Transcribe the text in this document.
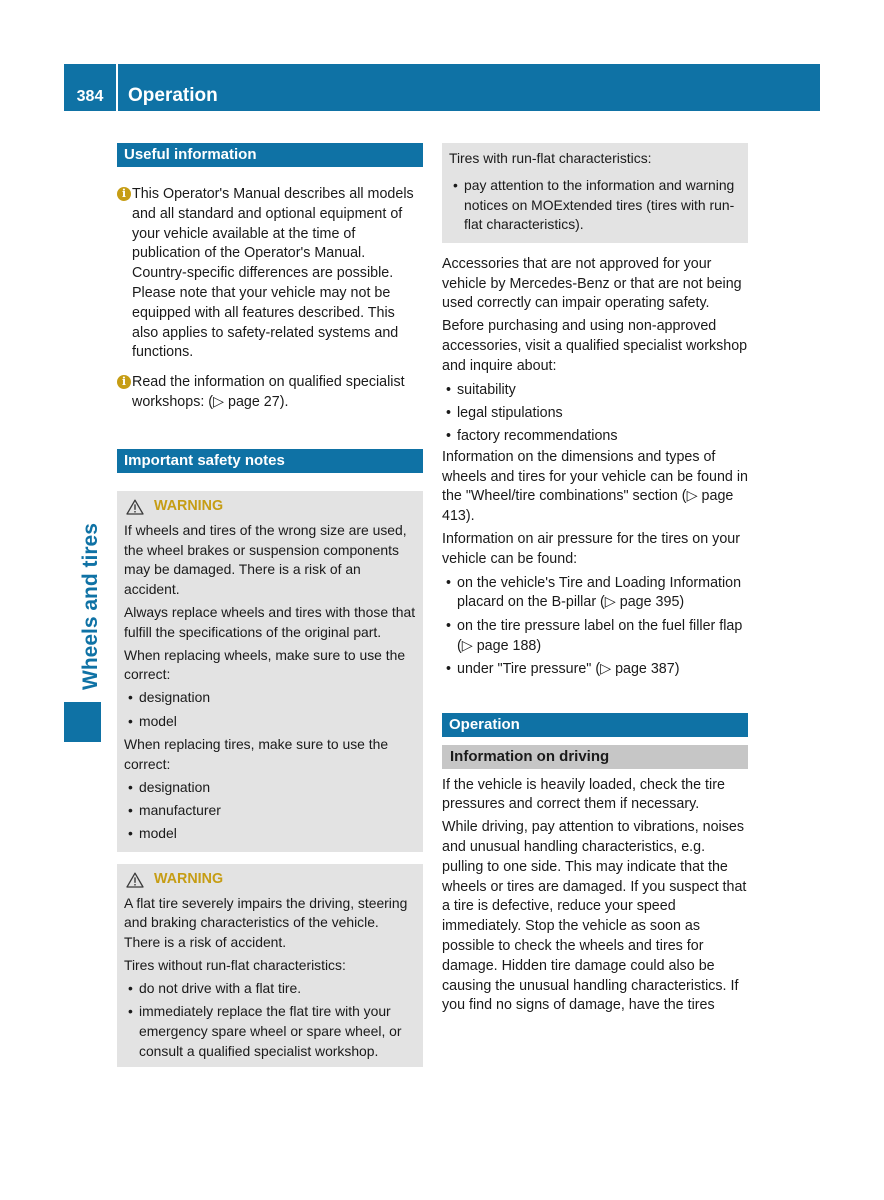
384	Operation
Wheels and tires
Useful information

i This Operator's Manual describes all models and all standard and optional equipment of your vehicle available at the time of publication of the Operator's Manual. Country-specific differences are possible. Please note that your vehicle may not be equipped with all features described. This also applies to safety-related systems and functions.

i Read the information on qualified specialist workshops: (▷ page 27).

Important safety notes
WARNING

If wheels and tires of the wrong size are used, the wheel brakes or suspension components may be damaged. There is a risk of an accident.

Always replace wheels and tires with those that fulfill the specifications of the original part.

When replacing wheels, make sure to use the correct:

• designation
• model

When replacing tires, make sure to use the correct:

• designation
• manufacturer
• model
WARNING

A flat tire severely impairs the driving, steering and braking characteristics of the vehicle. There is a risk of accident.

Tires without run-flat characteristics:

• do not drive with a flat tire.
• immediately replace the flat tire with your emergency spare wheel or spare wheel, or consult a qualified specialist workshop.

Tires with run-flat characteristics:

• pay attention to the information and warning notices on MOExtended tires (tires with run-flat characteristics).

Accessories that are not approved for your vehicle by Mercedes-Benz or that are not being used correctly can impair operating safety.

Before purchasing and using non-approved accessories, visit a qualified specialist workshop and inquire about:

• suitability
• legal stipulations
• factory recommendations

Information on the dimensions and types of wheels and tires for your vehicle can be found in the "Wheel/tire combinations" section (▷ page 413).

Information on air pressure for the tires on your vehicle can be found:

• on the vehicle's Tire and Loading Information placard on the B-pillar (▷ page 395)
• on the tire pressure label on the fuel filler flap (▷ page 188)
• under "Tire pressure" (▷ page 387)
Operation
Information on driving

If the vehicle is heavily loaded, check the tire pressures and correct them if necessary.

While driving, pay attention to vibrations, noises and unusual handling characteristics, e.g. pulling to one side. This may indicate that the wheels or tires are damaged. If you suspect that a tire is defective, reduce your speed immediately. Stop the vehicle as soon as possible to check the wheels and tires for damage. Hidden tire damage could also be causing the unusual handling characteristics. If you find no signs of damage, have the tires
